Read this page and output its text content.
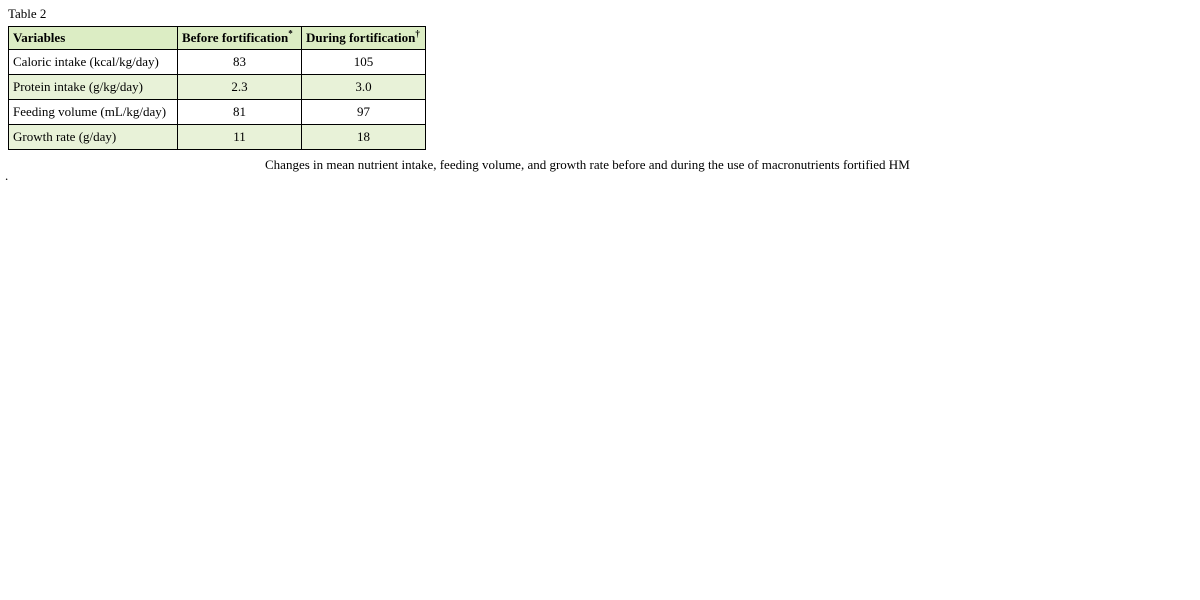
Table 2
Variables	Before fortification*	During fortification†
Caloric intake (kcal/kg/day)	83	105
Protein intake (g/kg/day)	2.3	3.0
Feeding volume (mL/kg/day)	81	97
Growth rate (g/day)	11	18
Changes in mean nutrient intake, feeding volume, and growth rate before and during the use of macronutrients fortified HM
.
